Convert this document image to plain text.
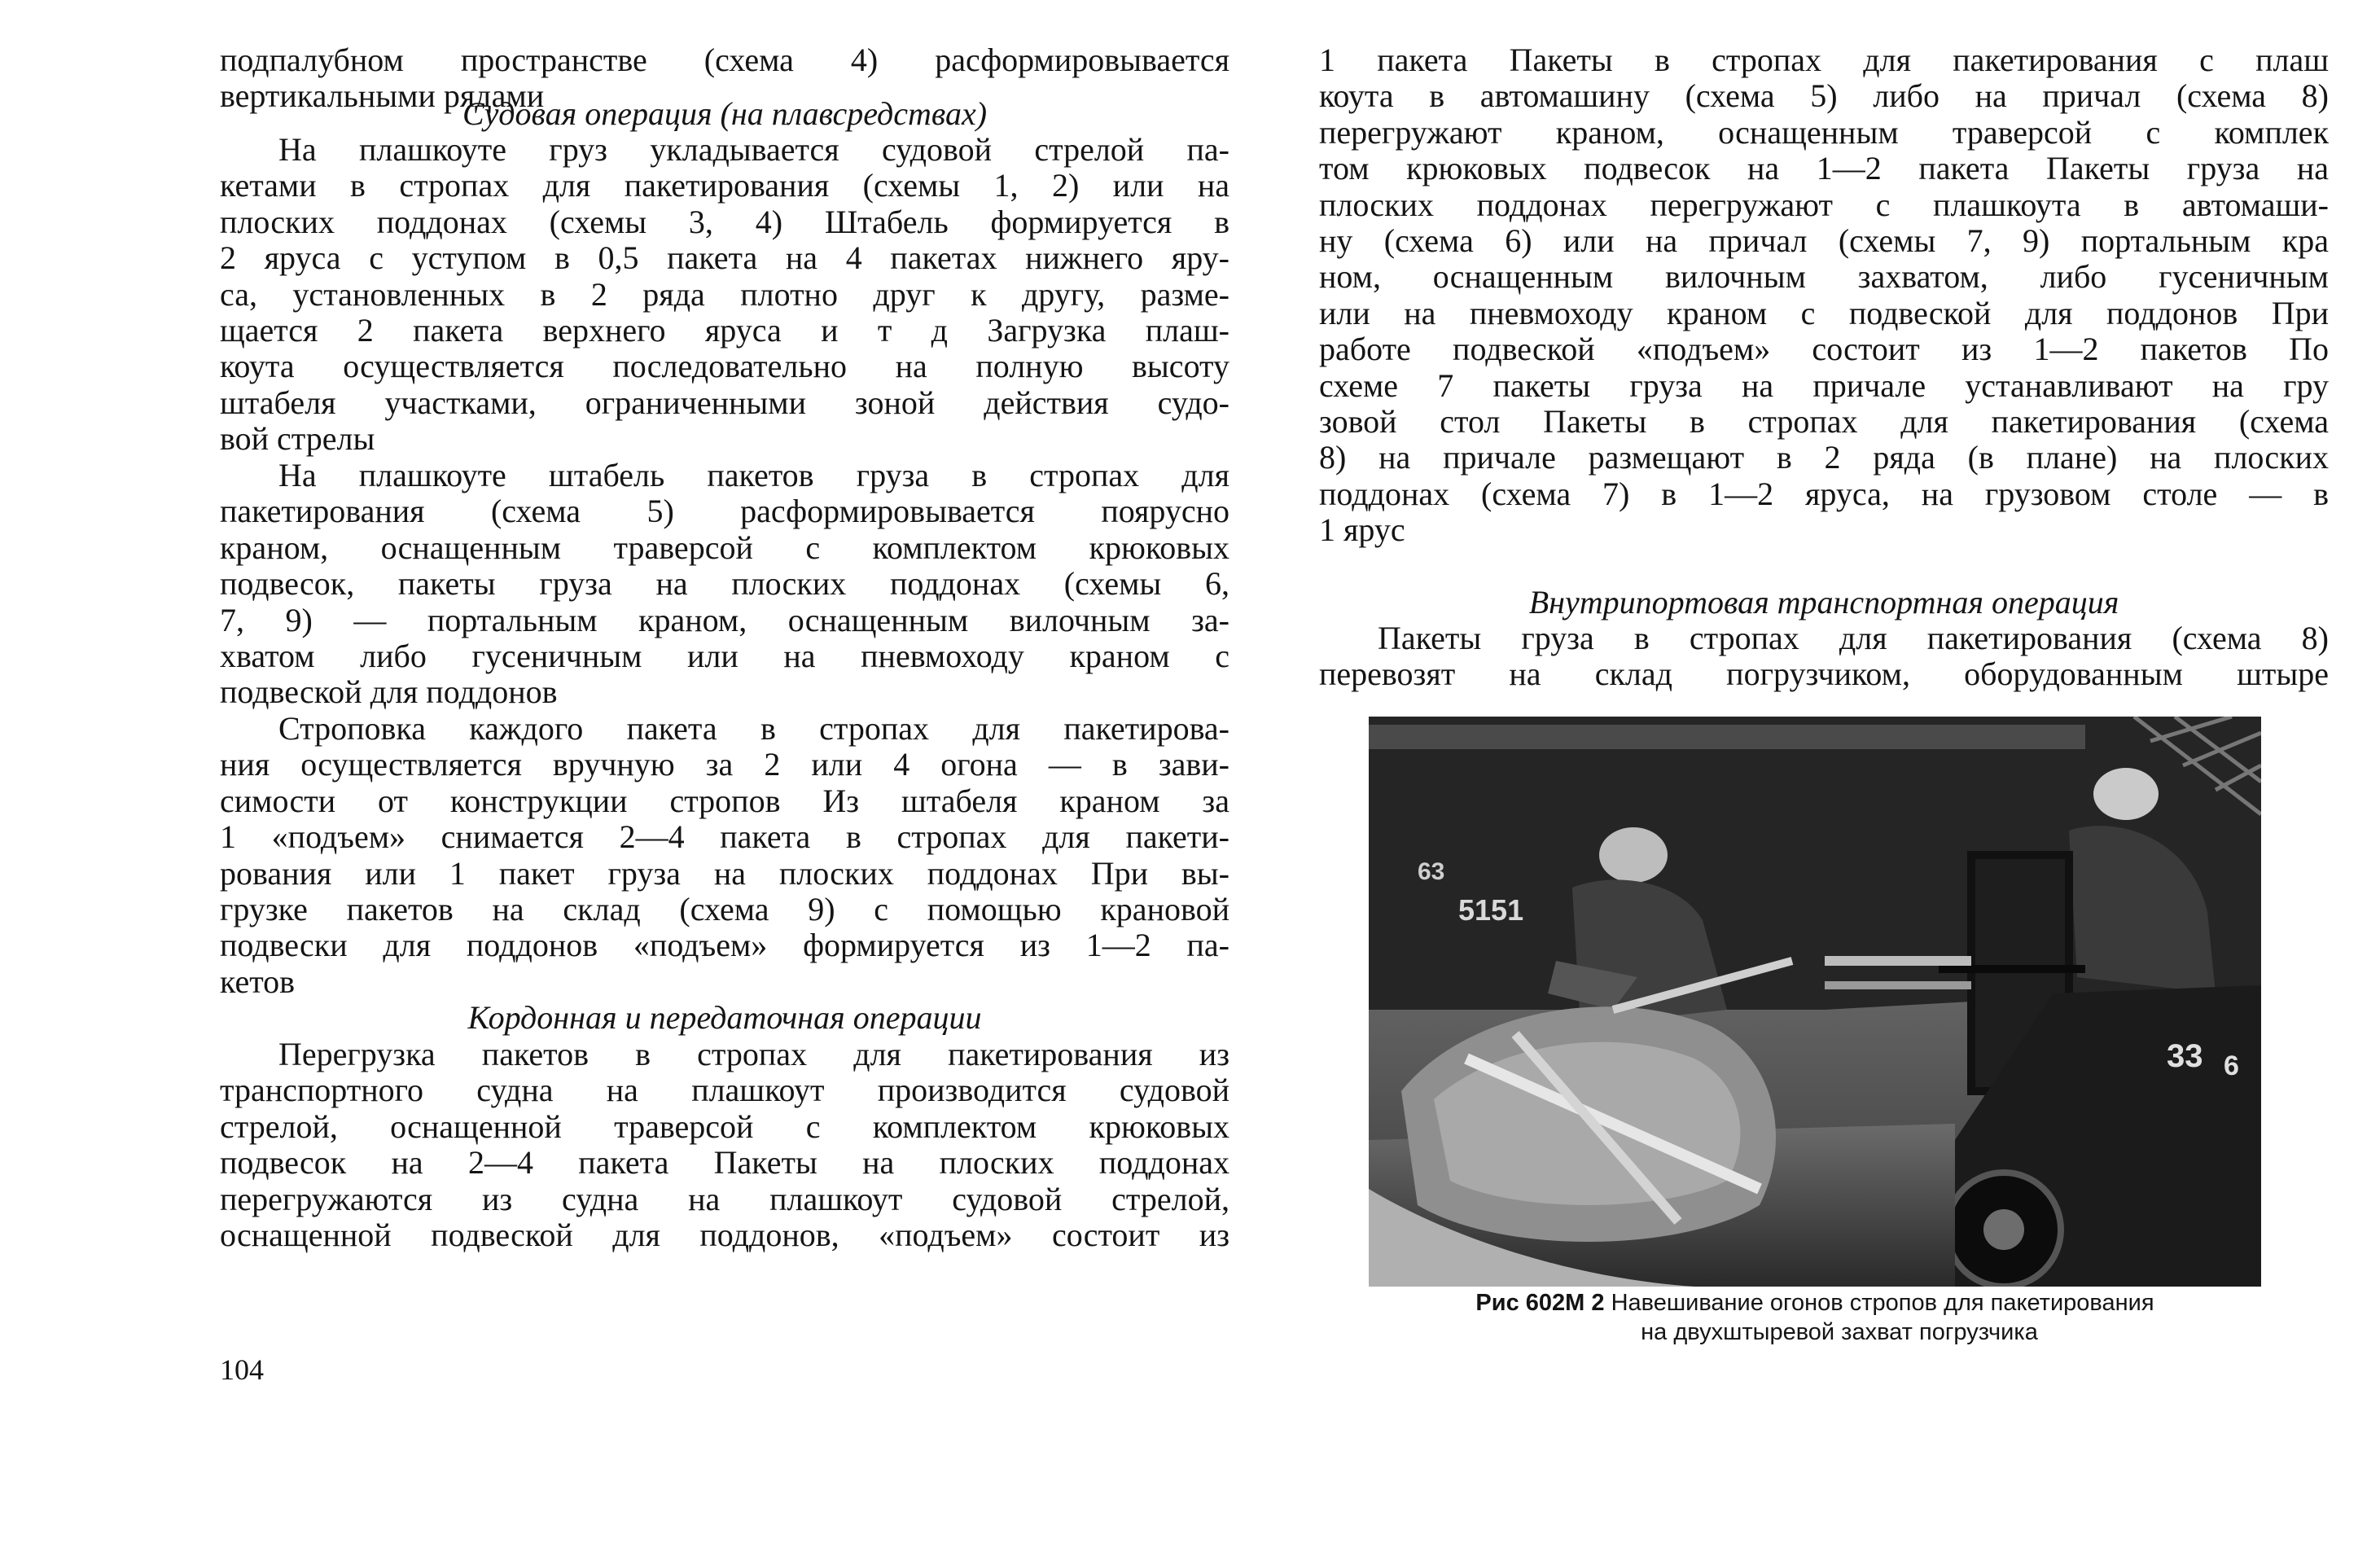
подпалубном пространстве (схема 4) расформировывается
вертикальными рядами
Судовая операция (на плавсредствах)
На плашкоуте груз укладывается судовой стрелой па-
кетами в стропах для пакетирования (схемы 1, 2) или на
плоских поддонах (схемы 3, 4) Штабель формируется в
2 яруса с уступом в 0,5 пакета на 4 пакетах нижнего яру-
са, установленных в 2 ряда плотно друг к другу, разме-
щается 2 пакета верхнего яруса и т д Загрузка плаш-
коута осуществляется последовательно на полную высоту
штабеля участками, ограниченными зоной действия судо-
вой стрелы
На плашкоуте штабель пакетов груза в стропах для
пакетирования (схема 5) расформировывается поярусно
краном, оснащенным траверсой с комплектом крюковых
подвесок, пакеты груза на плоских поддонах (схемы 6,
7, 9) — портальным краном, оснащенным вилочным за-
хватом либо гусеничным или на пневмоходу краном с
подвеской для поддонов
Строповка каждого пакета в стропах для пакетирова-
ния осуществляется вручную за 2 или 4 огона — в зави-
симости от конструкции стропов Из штабеля краном за
1 «подъем» снимается 2—4 пакета в стропах для пакети-
рования или 1 пакет груза на плоских поддонах При вы-
грузке пакетов на склад (схема 9) с помощью крановой
подвески для поддонов «подъем» формируется из 1—2 па-
кетов
Кордонная и передаточная операции
Перегрузка пакетов в стропах для пакетирования из
транспортного судна на плашкоут производится судовой
стрелой, оснащенной траверсой с комплектом крюковых
подвесок на 2—4 пакета Пакеты на плоских поддонах
перегружаются из судна на плашкоут судовой стрелой,
оснащенной подвеской для поддонов, «подъем» состоит из
104
1 пакета Пакеты в стропах для пакетирования с плаш
коута в автомашину (схема 5) либо на причал (схема 8)
перегружают краном, оснащенным траверсой с комплек
том крюковых подвесок на 1—2 пакета Пакеты груза на
плоских поддонах перегружают с плашкоута в автомаши-
ну (схема 6) или на причал (схемы 7, 9) портальным кра
ном, оснащенным вилочным захватом, либо гусеничным
или на пневмоходу краном с подвеской для поддонов При
работе подвеской «подъем» состоит из 1—2 пакетов По
схеме 7 пакеты груза на причале устанавливают на гру
зовой стол Пакеты в стропах для пакетирования (схема
8) на причале размещают в 2 ряда (в плане) на плоских
поддонах (схема 7) в 1—2 яруса, на грузовом столе — в
1 ярус
Внутрипортовая транспортная операция
Пакеты груза в стропах для пакетирования (схема 8)
перевозят на склад погрузчиком, оборудованным штыре
63
5151
33 6
Рис 602М 2 Навешивание огонов стропов для пакетирования
на двухштыревой захват погрузчика
